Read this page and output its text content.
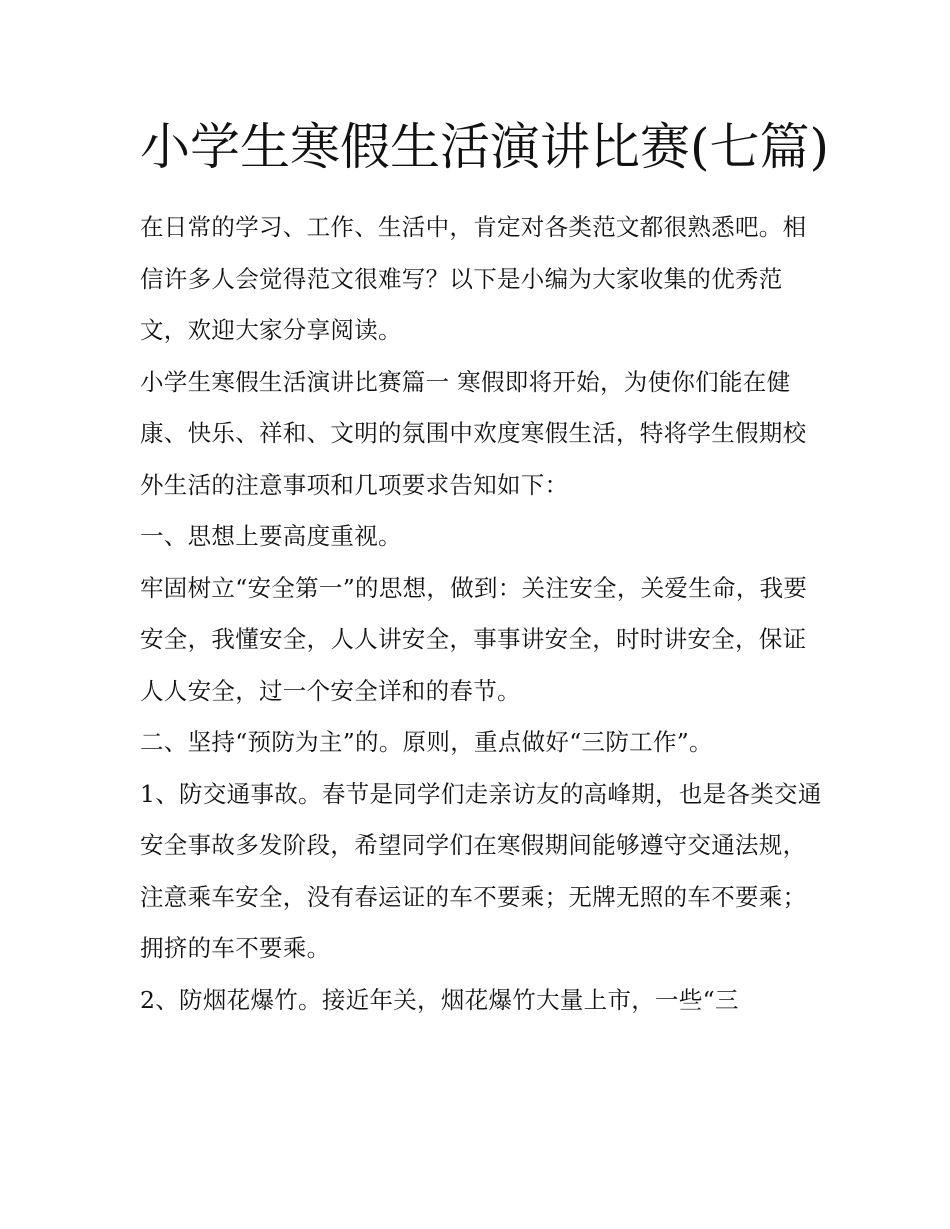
小学生寒假生活演讲比赛(七篇)

在日常的学习、工作、生活中，肯定对各类范文都很熟悉吧。相信许多人会觉得范文很难写？以下是小编为大家收集的优秀范文，欢迎大家分享阅读。

小学生寒假生活演讲比赛篇一 寒假即将开始，为使你们能在健康、快乐、祥和、文明的氛围中欢度寒假生活，特将学生假期校外生活的注意事项和几项要求告知如下：

一、思想上要高度重视。

牢固树立“安全第一”的思想，做到：关注安全，关爱生命，我要安全，我懂安全，人人讲安全，事事讲安全，时时讲安全，保证人人安全，过一个安全详和的春节。

二、坚持“预防为主”的。原则，重点做好“三防工作”。

1、防交通事故。春节是同学们走亲访友的高峰期，也是各类交通安全事故多发阶段，希望同学们在寒假期间能够遵守交通法规，注意乘车安全，没有春运证的车不要乘；无牌无照的车不要乘；拥挤的车不要乘。

2、防烟花爆竹。接近年关，烟花爆竹大量上市，一些“三
